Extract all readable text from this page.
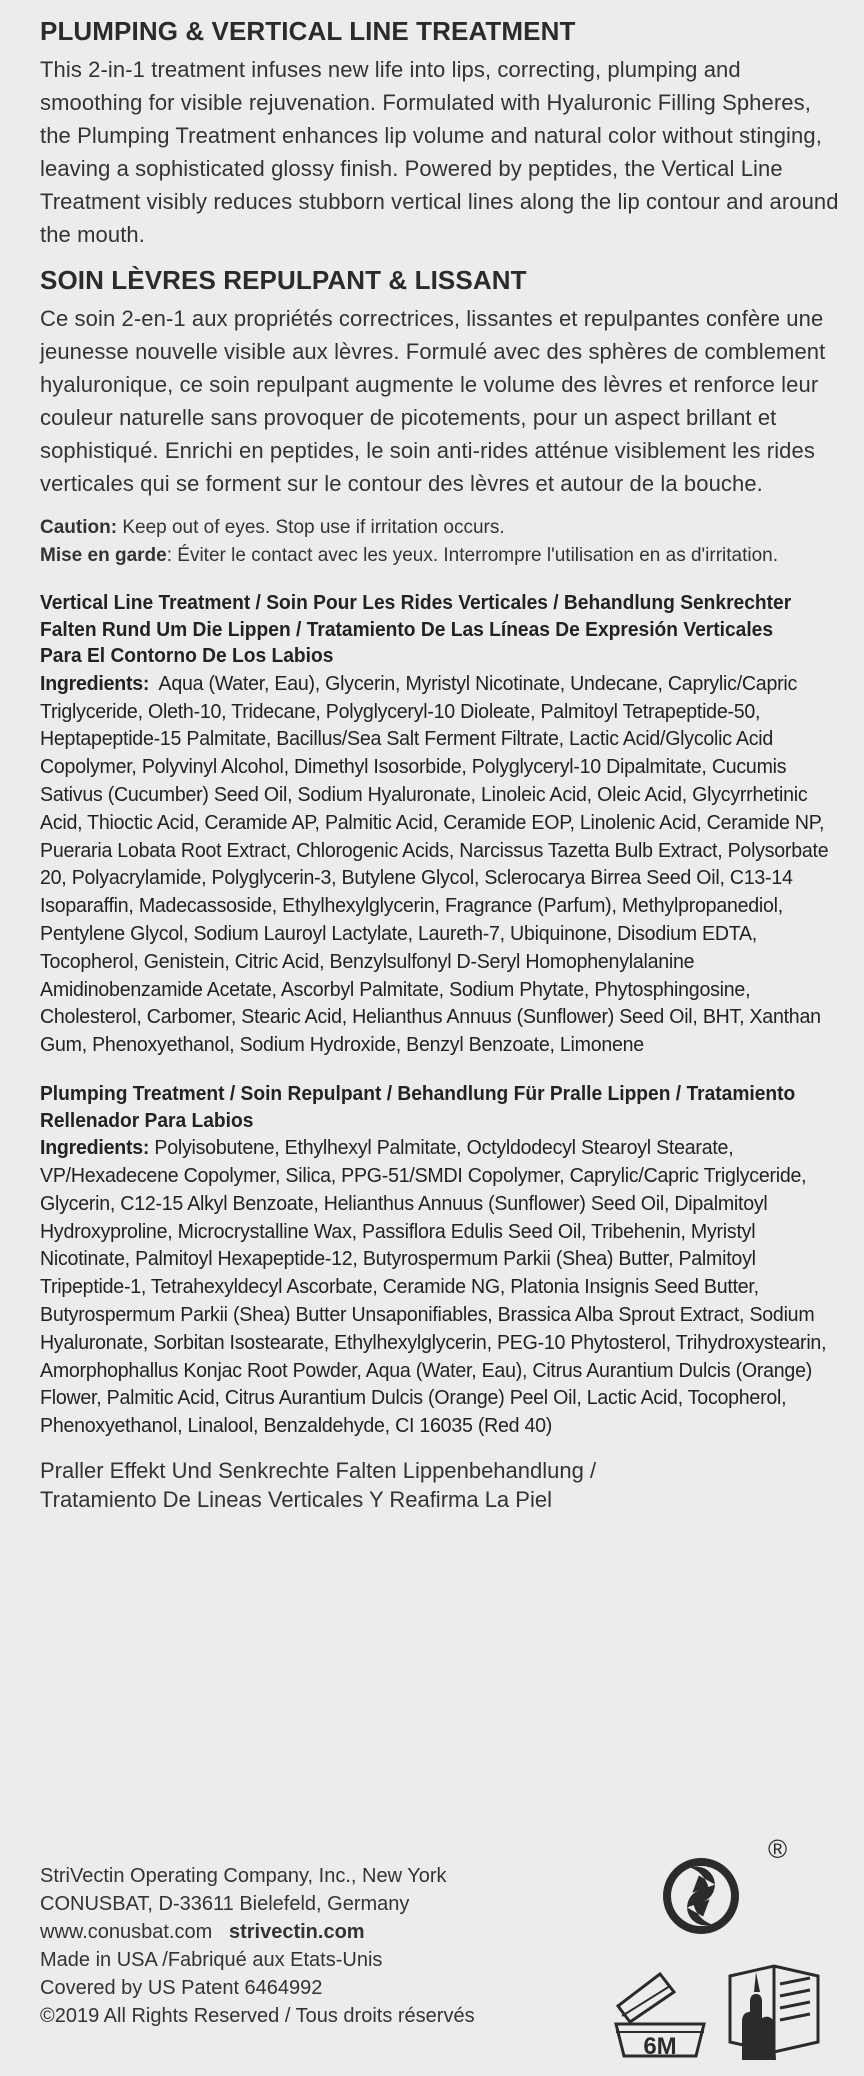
PLUMPING & VERTICAL LINE TREATMENT

This 2-in-1 treatment infuses new life into lips, correcting, plumping and smoothing for visible rejuvenation. Formulated with Hyaluronic Filling Spheres, the Plumping Treatment enhances lip volume and natural color without stinging, leaving a sophisticated glossy finish. Powered by peptides, the Vertical Line Treatment visibly reduces stubborn vertical lines along the lip contour and around the mouth.

SOIN LÈVRES REPULPANT & LISSANT

Ce soin 2-en-1 aux propriétés correctrices, lissantes et repulpantes confère une jeunesse nouvelle visible aux lèvres. Formulé avec des sphères de comblement hyaluronique, ce soin repulpant augmente le volume des lèvres et renforce leur couleur naturelle sans provoquer de picotements, pour un aspect brillant et sophistiqué. Enrichi en peptides, le soin anti-rides atténue visiblement les rides verticales qui se forment sur le contour des lèvres et autour de la bouche.

Caution: Keep out of eyes. Stop use if irritation occurs.
Mise en garde: Éviter le contact avec les yeux. Interrompre l'utilisation en as d'irritation.
Vertical Line Treatment / Soin Pour Les Rides Verticales / Behandlung Senkrechter Falten Rund Um Die Lippen / Tratamiento De Las Líneas De Expresión Verticales Para El Contorno De Los Labios
Ingredients: Aqua (Water, Eau), Glycerin, Myristyl Nicotinate, Undecane, Caprylic/Capric Triglyceride, Oleth-10, Tridecane, Polyglyceryl-10 Dioleate, Palmitoyl Tetrapeptide-50, Heptapeptide-15 Palmitate, Bacillus/Sea Salt Ferment Filtrate, Lactic Acid/Glycolic Acid Copolymer, Polyvinyl Alcohol, Dimethyl Isosorbide, Polyglyceryl-10 Dipalmitate, Cucumis Sativus (Cucumber) Seed Oil, Sodium Hyaluronate, Linoleic Acid, Oleic Acid, Glycyrrhetinic Acid, Thioctic Acid, Ceramide AP, Palmitic Acid, Ceramide EOP, Linolenic Acid, Ceramide NP, Pueraria Lobata Root Extract, Chlorogenic Acids, Narcissus Tazetta Bulb Extract, Polysorbate 20, Polyacrylamide, Polyglycerin-3, Butylene Glycol, Sclerocarya Birrea Seed Oil, C13-14 Isoparaffin, Madecassoside, Ethylhexylglycerin, Fragrance (Parfum), Methylpropanediol, Pentylene Glycol, Sodium Lauroyl Lactylate, Laureth-7, Ubiquinone, Disodium EDTA, Tocopherol, Genistein, Citric Acid, Benzylsulfonyl D-Seryl Homophenylalanine Amidinobenzamide Acetate, Ascorbyl Palmitate, Sodium Phytate, Phytosphingosine, Cholesterol, Carbomer, Stearic Acid, Helianthus Annuus (Sunflower) Seed Oil, BHT, Xanthan Gum, Phenoxyethanol, Sodium Hydroxide, Benzyl Benzoate, Limonene
Plumping Treatment / Soin Repulpant / Behandlung Für Pralle Lippen / Tratamiento Rellenador Para Labios
Ingredients: Polyisobutene, Ethylhexyl Palmitate, Octyldodecyl Stearoyl Stearate, VP/Hexadecene Copolymer, Silica, PPG-51/SMDI Copolymer, Caprylic/Capric Triglyceride, Glycerin, C12-15 Alkyl Benzoate, Helianthus Annuus (Sunflower) Seed Oil, Dipalmitoyl Hydroxyproline, Microcrystalline Wax, Passiflora Edulis Seed Oil, Tribehenin, Myristyl Nicotinate, Palmitoyl Hexapeptide-12, Butyrospermum Parkii (Shea) Butter, Palmitoyl Tripeptide-1, Tetrahexyldecyl Ascorbate, Ceramide NG, Platonia Insignis Seed Butter, Butyrospermum Parkii (Shea) Butter Unsaponifiables, Brassica Alba Sprout Extract, Sodium Hyaluronate, Sorbitan Isostearate, Ethylhexylglycerin, PEG-10 Phytosterol, Trihydroxystearin, Amorphophallus Konjac Root Powder, Aqua (Water, Eau), Citrus Aurantium Dulcis (Orange) Flower, Palmitic Acid, Citrus Aurantium Dulcis (Orange) Peel Oil, Lactic Acid, Tocopherol, Phenoxyethanol, Linalool, Benzaldehyde, CI 16035 (Red 40)
Praller Effekt Und Senkrechte Falten Lippenbehandlung /
Tratamiento De Lineas Verticales Y Reafirma La Piel
StriVectin Operating Company, Inc., New York
CONUSBAT, D-33611 Bielefeld, Germany
www.conusbat.com strivectin.com
Made in USA /Fabriqué aux Etats-Unis
Covered by US Patent 6464992
©2019 All Rights Reserved / Tous droits réservés
®
6M
